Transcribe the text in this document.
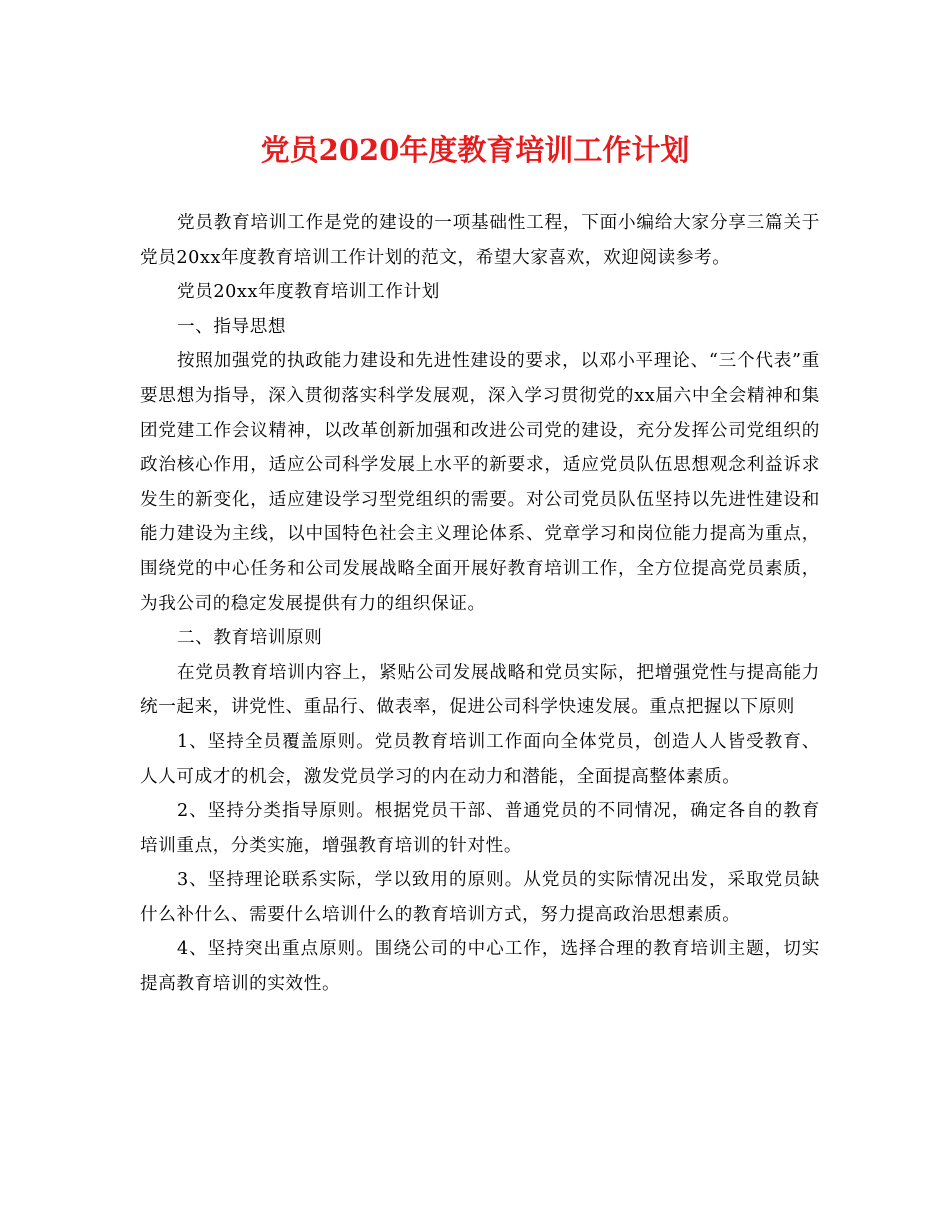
党员2020年度教育培训工作计划

党员教育培训工作是党的建设的一项基础性工程，下面小编给大家分享三篇关于党员20xx年度教育培训工作计划的范文，希望大家喜欢，欢迎阅读参考。

党员20xx年度教育培训工作计划

一、指导思想

按照加强党的执政能力建设和先进性建设的要求，以邓小平理论、“三个代表”重要思想为指导，深入贯彻落实科学发展观，深入学习贯彻党的xx届六中全会精神和集团党建工作会议精神，以改革创新加强和改进公司党的建设，充分发挥公司党组织的政治核心作用，适应公司科学发展上水平的新要求，适应党员队伍思想观念利益诉求发生的新变化，适应建设学习型党组织的需要。对公司党员队伍坚持以先进性建设和能力建设为主线，以中国特色社会主义理论体系、党章学习和岗位能力提高为重点，围绕党的中心任务和公司发展战略全面开展好教育培训工作，全方位提高党员素质，为我公司的稳定发展提供有力的组织保证。

二、教育培训原则

在党员教育培训内容上，紧贴公司发展战略和党员实际，把增强党性与提高能力统一起来，讲党性、重品行、做表率，促进公司科学快速发展。重点把握以下原则

1、坚持全员覆盖原则。党员教育培训工作面向全体党员，创造人人皆受教育、人人可成才的机会，激发党员学习的内在动力和潜能，全面提高整体素质。

2、坚持分类指导原则。根据党员干部、普通党员的不同情况，确定各自的教育培训重点，分类实施，增强教育培训的针对性。

3、坚持理论联系实际，学以致用的原则。从党员的实际情况出发，采取党员缺什么补什么、需要什么培训什么的教育培训方式，努力提高政治思想素质。

4、坚持突出重点原则。围绕公司的中心工作，选择合理的教育培训主题，切实提高教育培训的实效性。
